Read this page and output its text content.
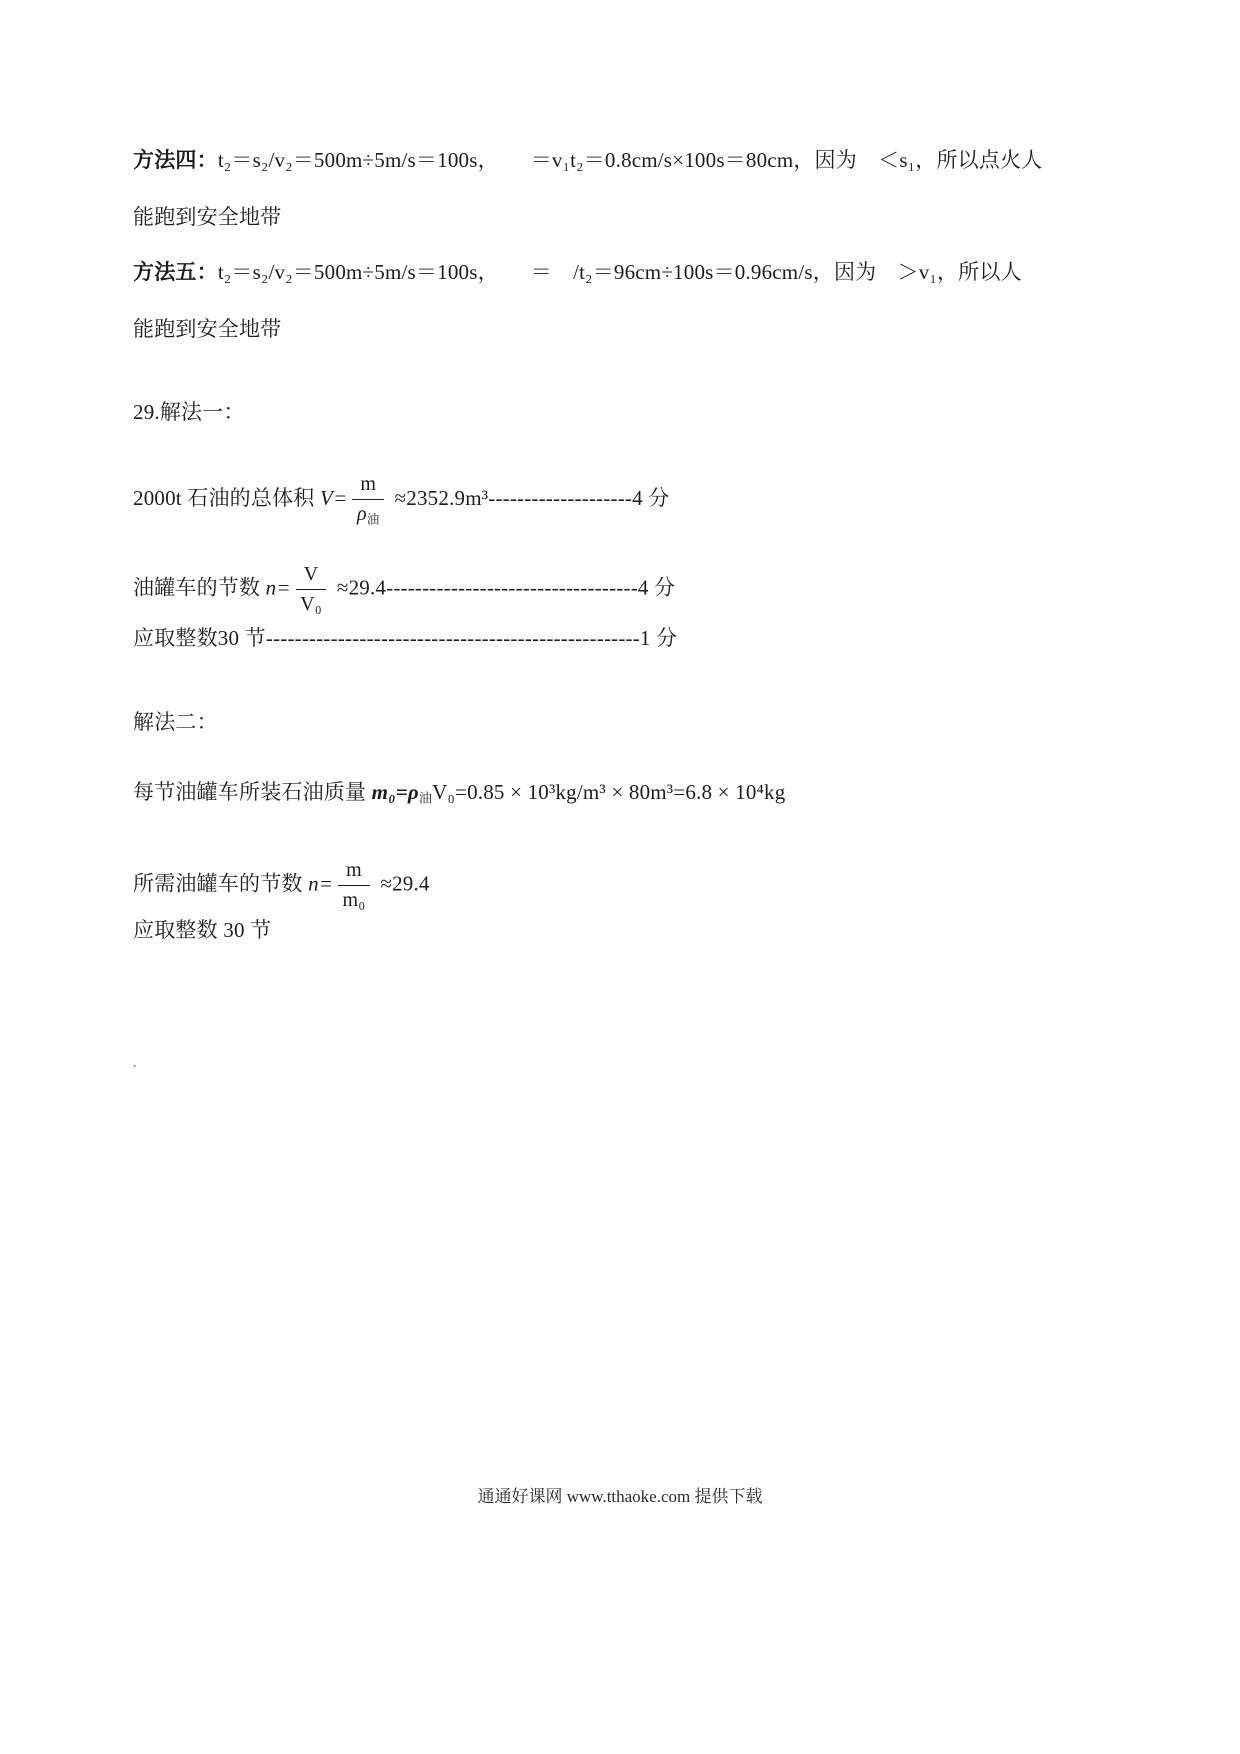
方法四：t₂＝s₂/v₂＝500m÷5m/s＝100s，　　＝v₁t₂＝0.8cm/s×100s＝80cm，因为　＜s₁，所以点火人
能跑到安全地带
方法五：t₂＝s₂/v₂＝500m÷5m/s＝100s，　　＝　/t₂＝96cm÷100s＝0.96cm/s，因为　＞v₁，所以人
能跑到安全地带
29.解法一：
2000t 石油的总体积 $V= \frac{m}{\text{ρ油}} \approx 2352.9m^3--------------------4$ 分
油罐车的节数 $n= \frac{V}{\text{V₀}} \approx 29.4-----------------------------------4$ 分
应取整数30 节----------------------------------------------------1 分
解法二：
每节油罐车所装石油质量 m₀=ρ油V₀=0.85 × 10³kg/m³ × 80m³=6.8 × 10⁴kg
所需油罐车的节数 $n= \frac{m}{\text{m₀}} \approx 29.4$
应取整数 30 节
.
通通好课网 www.tthaoke.com 提供下载
